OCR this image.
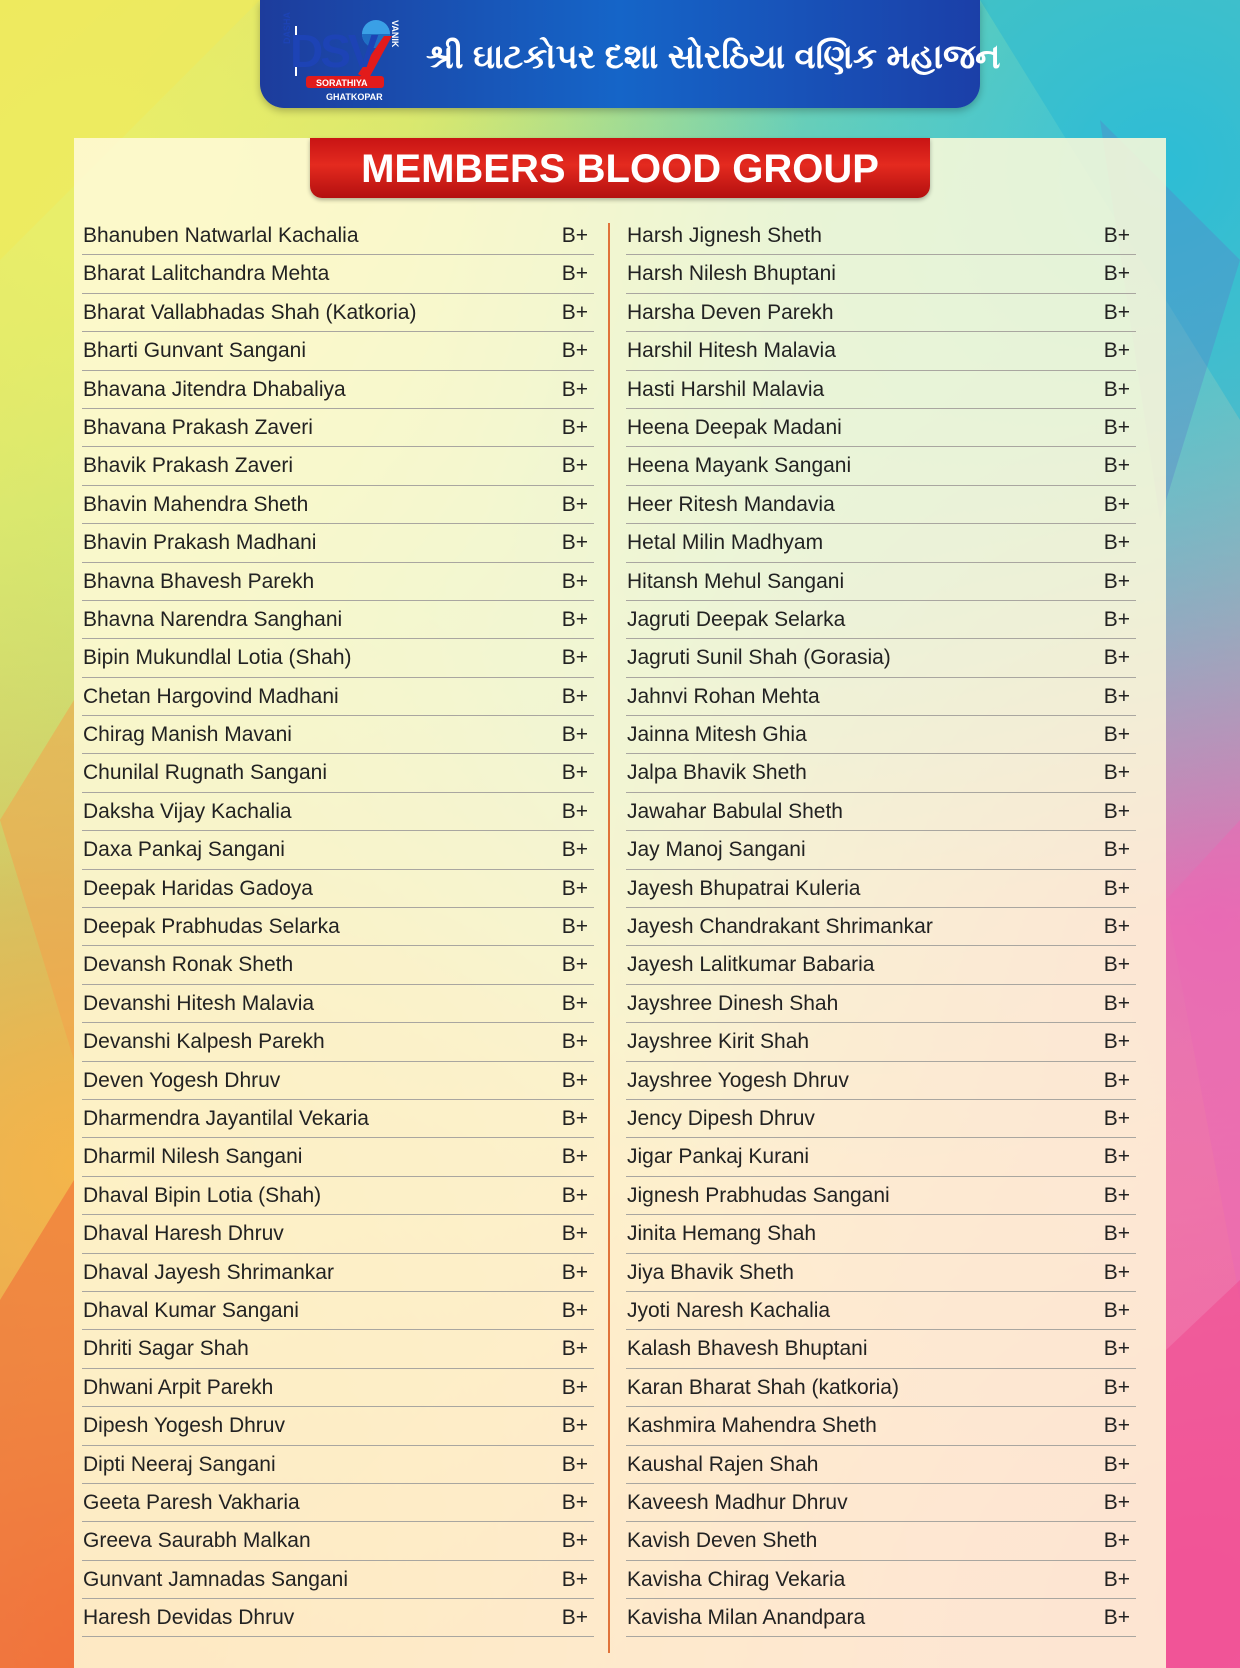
DSV
DASHA
SORATHIYA
VANIK
GHATKOPAR
શ્રી ઘાટકોપર દશા સોરઠિયા વણિક મહાજન
MEMBERS BLOOD GROUP
Bhanuben Natwarlal Kachalia	B+
Bharat Lalitchandra Mehta	B+
Bharat Vallabhadas Shah (Katkoria)	B+
Bharti Gunvant Sangani	B+
Bhavana Jitendra Dhabaliya	B+
Bhavana Prakash Zaveri	B+
Bhavik Prakash Zaveri	B+
Bhavin Mahendra Sheth	B+
Bhavin Prakash Madhani	B+
Bhavna Bhavesh Parekh	B+
Bhavna Narendra Sanghani	B+
Bipin Mukundlal Lotia (Shah)	B+
Chetan Hargovind Madhani	B+
Chirag Manish Mavani	B+
Chunilal Rugnath Sangani	B+
Daksha Vijay Kachalia	B+
Daxa Pankaj Sangani	B+
Deepak Haridas Gadoya	B+
Deepak Prabhudas Selarka	B+
Devansh Ronak Sheth	B+
Devanshi Hitesh Malavia	B+
Devanshi Kalpesh Parekh	B+
Deven Yogesh Dhruv	B+
Dharmendra Jayantilal Vekaria	B+
Dharmil Nilesh Sangani	B+
Dhaval Bipin Lotia (Shah)	B+
Dhaval Haresh Dhruv	B+
Dhaval Jayesh Shrimankar	B+
Dhaval Kumar Sangani	B+
Dhriti Sagar Shah	B+
Dhwani Arpit Parekh	B+
Dipesh Yogesh Dhruv	B+
Dipti Neeraj Sangani	B+
Geeta Paresh Vakharia	B+
Greeva Saurabh Malkan	B+
Gunvant Jamnadas Sangani	B+
Haresh Devidas Dhruv	B+
Harsh Jignesh Sheth	B+
Harsh Nilesh Bhuptani	B+
Harsha Deven Parekh	B+
Harshil Hitesh Malavia	B+
Hasti Harshil Malavia	B+
Heena Deepak Madani	B+
Heena Mayank Sangani	B+
Heer Ritesh Mandavia	B+
Hetal Milin Madhyam	B+
Hitansh Mehul Sangani	B+
Jagruti Deepak Selarka	B+
Jagruti Sunil Shah (Gorasia)	B+
Jahnvi Rohan Mehta	B+
Jainna Mitesh Ghia	B+
Jalpa Bhavik Sheth	B+
Jawahar Babulal Sheth	B+
Jay Manoj Sangani	B+
Jayesh Bhupatrai Kuleria	B+
Jayesh Chandrakant Shrimankar	B+
Jayesh Lalitkumar Babaria	B+
Jayshree Dinesh Shah	B+
Jayshree Kirit Shah	B+
Jayshree Yogesh Dhruv	B+
Jency Dipesh Dhruv	B+
Jigar Pankaj Kurani	B+
Jignesh Prabhudas Sangani	B+
Jinita Hemang Shah	B+
Jiya Bhavik Sheth	B+
Jyoti Naresh Kachalia	B+
Kalash Bhavesh Bhuptani	B+
Karan Bharat Shah (katkoria)	B+
Kashmira Mahendra Sheth	B+
Kaushal Rajen Shah	B+
Kaveesh Madhur Dhruv	B+
Kavish Deven Sheth	B+
Kavisha Chirag Vekaria	B+
Kavisha Milan Anandpara	B+
